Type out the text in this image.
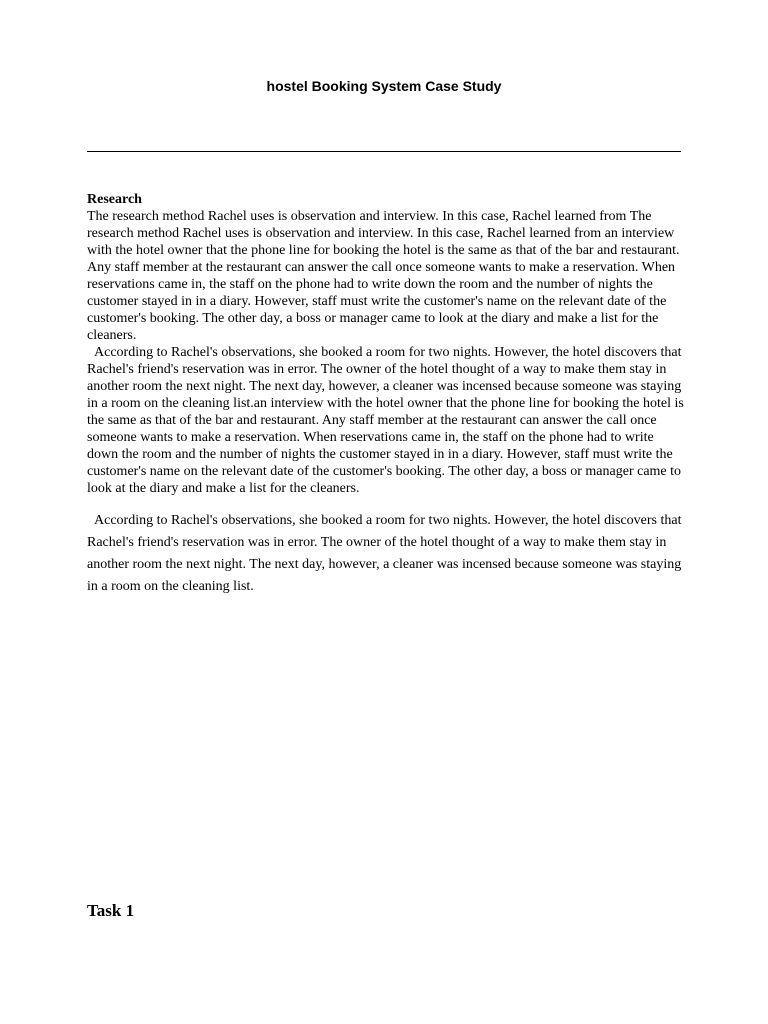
hostel Booking System Case Study
Research

The research method Rachel uses is observation and interview. In this case, Rachel learned from The research method Rachel uses is observation and interview. In this case, Rachel learned from an interview with the hotel owner that the phone line for booking the hotel is the same as that of the bar and restaurant. Any staff member at the restaurant can answer the call once someone wants to make a reservation. When reservations came in, the staff on the phone had to write down the room and the number of nights the customer stayed in in a diary. However, staff must write the customer's name on the relevant date of the customer's booking. The other day, a boss or manager came to look at the diary and make a list for the cleaners.

According to Rachel's observations, she booked a room for two nights. However, the hotel discovers that Rachel's friend's reservation was in error. The owner of the hotel thought of a way to make them stay in another room the next night. The next day, however, a cleaner was incensed because someone was staying in a room on the cleaning list.an interview with the hotel owner that the phone line for booking the hotel is the same as that of the bar and restaurant. Any staff member at the restaurant can answer the call once someone wants to make a reservation. When reservations came in, the staff on the phone had to write down the room and the number of nights the customer stayed in in a diary. However, staff must write the customer's name on the relevant date of the customer's booking. The other day, a boss or manager came to look at the diary and make a list for the cleaners.

According to Rachel's observations, she booked a room for two nights. However, the hotel discovers that Rachel's friend's reservation was in error. The owner of the hotel thought of a way to make them stay in another room the next night. The next day, however, a cleaner was incensed because someone was staying in a room on the cleaning list.

Task 1
